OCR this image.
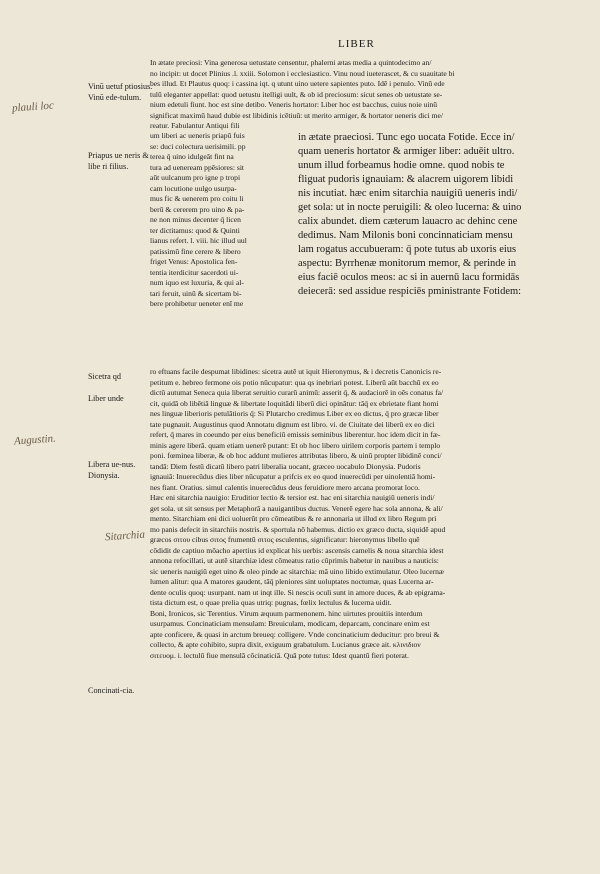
LIBER
In ætate preciosi: Vina generosa uetustate censentur, phalerni ætas media a quintodecimo an/
no incipit: ut docet Plinius .l. xxiii. Solomon i ecclesiastico. Vinu noud iueterascet, & cu suauitate bi
bes illud. Et Plautus quoq: i cassina iqt. q utunt uino uetere sapientes puto. Idē i penulo. Vinū ede
tulū eleganter appellat: quod uetustu itelligi uult, & ob id preciosum: sicut senes ob uetustate se-
nium edetuli fiunt. hoc est sine detibo. Veneris hortator: Liber hoc est bacchus, cuius noie uinū
significat maximū haud dubie est libidinis icētiuū: ut merito armiger, & hortator ueneris dici me/
reatur. Fabulantur Antiqui fili
um liberi ac ueneris priapū fuis
se: duci colectura uerisimili. pp
terea q̄ uino idulgeāt fint na
tura ad ueneream ppēsiores: sit
aūt uulcanum pro igne p tropi
cam locutione uulgo usurpa-
mus fic & uenerem pro coitu li
berū & cererem pro uino & pa-
ne non minus decenter q̄ licen
ter dictitamus: quod & Quinti
lianus refert. l. viii. hic illud uul
patissimū fine cerere & libero
friget Venus: Apostolica fen-
tentia iterdicitur sacerdoti ui-
num iquo est luxuria, & qui al-
tari feruit, uinū & sicertam bi-
bere prohibetur ueneter enī me
in ætate praeciosi. Tunc ego uocata Fotide. Ecce in/
quam ueneris hortator & armiger liber: aduēit ultro.
unum illud forbeamus hodie omne. quod nobis te
fliguat pudoris ignauiam: & alacrem uigorem libidi
nis incutiat. hæc enim sitarchia nauigiū ueneris indi/
get sola: ut in nocte peruigili: & oleo lucerna: & uino
calix abundet. diem cæterum lauacro ac dehinc cene
dedimus. Nam Milonis boni concinnaticiam mensu
lam rogatus accubueram: q̄ pote tutus ab uxoris eius
aspectu: Byrrhenæ monitorum memor, & perinde in
eius faciē oculos meos: ac si in auernū lacu formidās
deiecerā: sed assidue respiciēs pministrante Fotidem:
ro eftuans facile despumat libidines: sicetra autē ut iquit Hieronymus, & i decretis Canonicis re-
petitum e. hebreo fermone ois potio nūcupatur: qua qs inebriari potest. Liberū aūt bacchū ex eo
dictū autumat Seneca quia liberat seruitio curarū animū: asserit q̄, & audaciorē in oēs conatus fa/
cit, quidā ob libētiā linguæ & libertate loquitādi liberū dici opinātur: tāq̄ ex ebrietate fiant homi
nes linguæ liberioris petulātioris q̄: Si Plutarcho credimus Liber ex eo dictus, q̄ pro græcæ liber
tate pugnauit. Augustinus quod Annotatu dignum est libro. vi. de Ciuitate dei liberū ex eo dici
refert, q̄ mares in coeundo per eius beneficiū emissis seminibus liberentur. hoc idem dicit in fæ-
minis agere liberā. quam etiam uenerē putant: Et ob hoc libero uirilem corporis partem i templo
poni. fœminea liberæ, & ob hoc addunt mulieres attributas libero, & uinū propter libidinē conci/
tandā: Diem festū dicatū libero patri liberalia uocant, græceo uocabulo Dionysia. Pudoris
ignauiā: Inuerecūdus dies liber nūcupatur a prifcis ex eo quod inuerecūdi per uinolentiā homi-
nes fiant. Oratius. simul calentis inuerecūdus deus feruidiore mero arcana promorat loco.
Hæc eni sitarchia nauigio: Eruditior lectio & tersior est. hac eni sitarchia nauigiū ueneris indi/
get sola. ut sit sensus per Metaphorā a nauigantibus ductus. Venerē egere hac sola annona, & ali/
mento. Sitarchiam eni dici uoluerūt pro cōmeatibus & re annonaria ut illud ex libro Regum pri
mo panis defecit in sitarchiis nostris. & sportula nō habemus. dictio ex græco ducta, siquidē apud
græcos σιτου cibus σιτος frumentū σιτος esculentus, significatur: hieronymus libello quē
cōdidit de captiuo mōacho apertius id explicat his uerbis: ascensis camelis & noua sitarchia idest
annona refocillati, ut autē sitarchiæ idest cōmeatus ratio cūprimis habetur in nauibus a nauticis:
sic ueneris nauigiū eget uino & oleo pinde ac sitarchia: mā uino libido extimulatur. Oleo lucernæ
lumen alitur: qua A matores gaudent, tāq̄ pleniores sint uoluptates noctumæ, quas Lucerna ar-
dente oculis quoq: usurpant. nam ut inqt ille. Si nescis oculi sunt in amore duces, & ab epigrama-
tista dictum est, o quae prelia quas utriq: pugnas, fœlix lectulus & lucerna uidit.
Boni, Ironicos, sic Terentius. Virum æquum parmenonem. hinc uirtutes prouitiis interdum
usurpamus. Concinaticiam mensulam: Breuiculam, modicam, deparcam, concinare enim est
apte conficere, & quasi in arctum breueq: colligere. Vnde concinaticium deducitur: pro breui &
collecto, & apte cohibito, supra dixit, exiguum grabatulum. Lucianus græce ait. κλινιδιον
σιτευομ. i. lectulū fiue mensulā cōcinaticiā. Quā pote tutus: Idest quantū fieri poterat.
Vinū uetuf ptiosius. Vinū ede-tulum.
Priapus ue neris & libe ri filius.
Sicetra qd
Liber unde
Libera ue-nus. Dionysia.
Concinati-cia.
plauli loc
Augustin.
Sitarchia
